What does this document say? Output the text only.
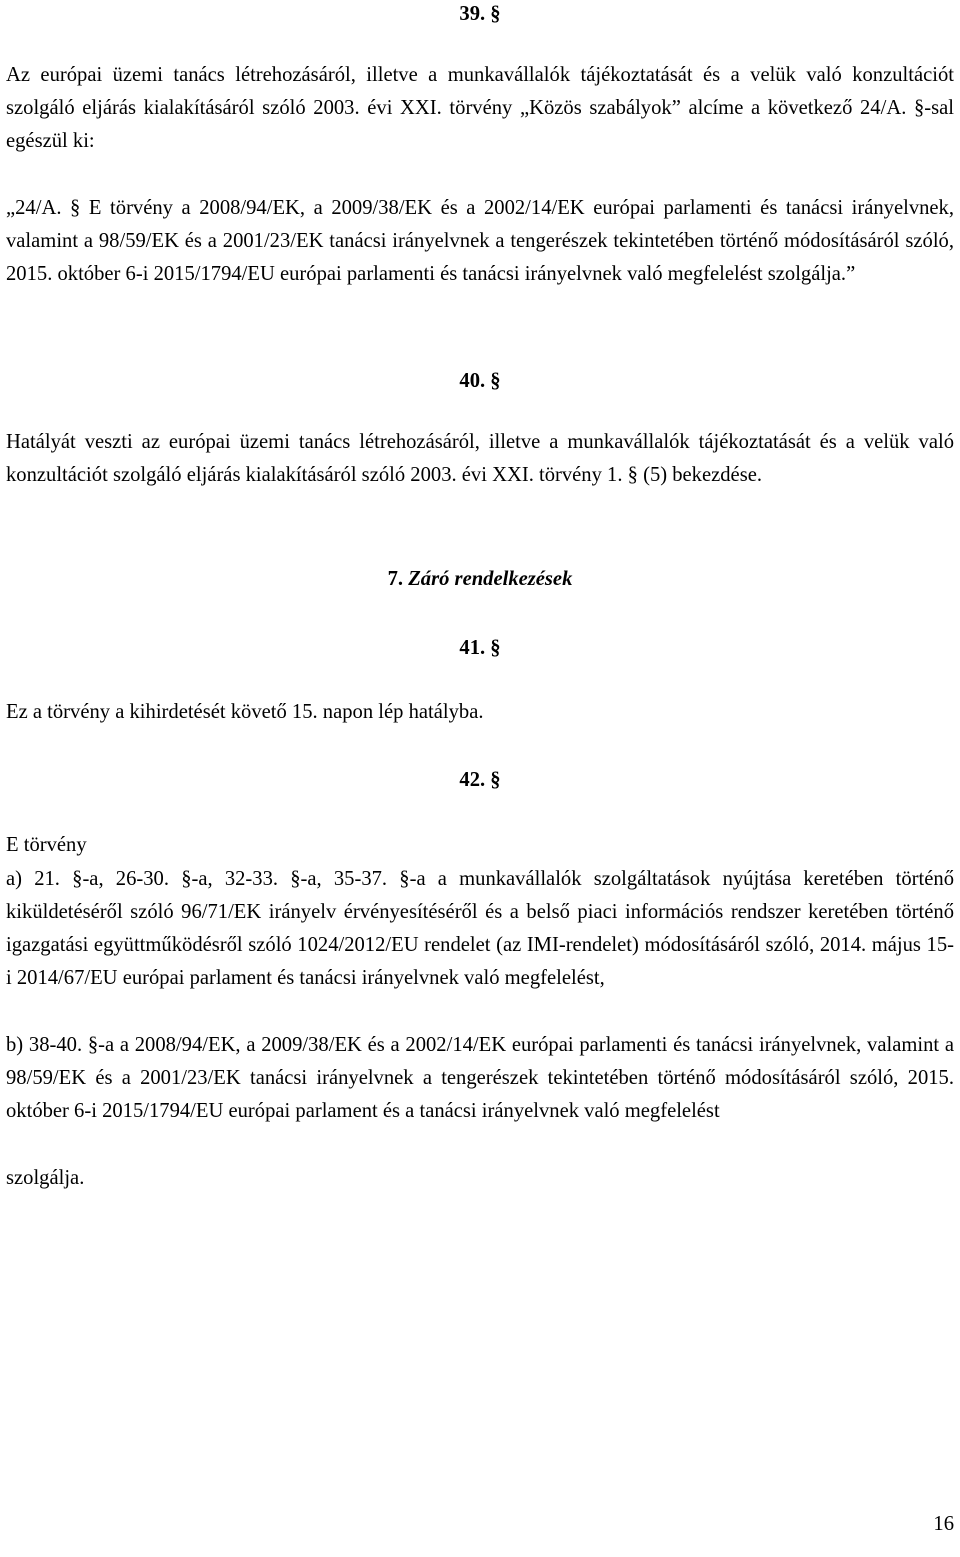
39. §

Az európai üzemi tanács létrehozásáról, illetve a munkavállalók tájékoztatását és a velük való konzultációt szolgáló eljárás kialakításáról szóló 2003. évi XXI. törvény „Közös szabályok” alcíme a következő 24/A. §-sal egészül ki:

„24/A. § E törvény a 2008/94/EK, a 2009/38/EK és a 2002/14/EK európai parlamenti és tanácsi irányelvnek, valamint a 98/59/EK és a 2001/23/EK tanácsi irányelvnek a tengerészek tekintetében történő módosításáról szóló, 2015. október 6-i 2015/1794/EU európai parlamenti és tanácsi irányelvnek való megfelelést szolgálja.”

40. §

Hatályát veszti az európai üzemi tanács létrehozásáról, illetve a munkavállalók tájékoztatását és a velük való konzultációt szolgáló eljárás kialakításáról szóló 2003. évi XXI. törvény 1. § (5) bekezdése.

7. Záró rendelkezések

41. §

Ez a törvény a kihirdetését követő 15. napon lép hatályba.

42. §

E törvény

a) 21. §-a, 26-30. §-a, 32-33. §-a, 35-37. §-a a munkavállalók szolgáltatások nyújtása keretében történő kiküldetéséről szóló 96/71/EK irányelv érvényesítéséről és a belső piaci információs rendszer keretében történő igazgatási együttműködésről szóló 1024/2012/EU rendelet (az IMI-rendelet) módosításáról szóló, 2014. május 15-i 2014/67/EU európai parlament és tanácsi irányelvnek való megfelelést,

b) 38-40. §-a a 2008/94/EK, a 2009/38/EK és a 2002/14/EK európai parlamenti és tanácsi irányelvnek, valamint a 98/59/EK és a 2001/23/EK tanácsi irányelvnek a tengerészek tekintetében történő módosításáról szóló, 2015. október 6-i 2015/1794/EU európai parlament és a tanácsi irányelvnek való megfelelést

szolgálja.

16
